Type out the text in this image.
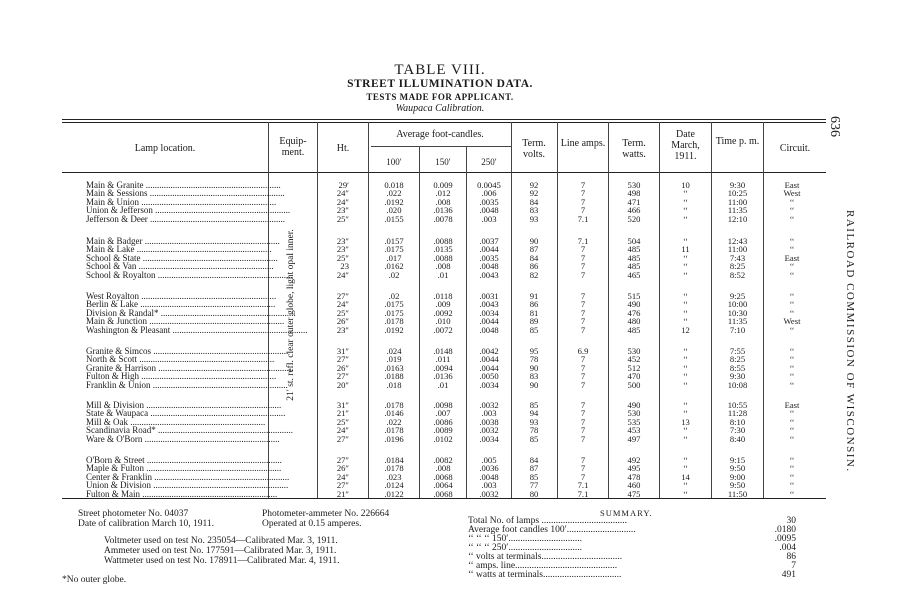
TABLE VIII.
STREET ILLUMINATION DATA.
TESTS MADE FOR APPLICANT.
Waupaca Calibration.
636
RAILROAD COMMISSION OF WISCONSIN.
Lamp location.
Equip-ment.	Ht.
Average foot-candles.
100′	150′	250′
Term. volts.
Line amps.	Term. watts.
Date March, 1911.
Time p. m.
Circuit.
21′ st. refl. clear outer globe, light opal inner.
Main & Granite ............................................................	29′	0.018	0.009	0.0045	92	7	530	10	9:30	East
Main & Sessions ............................................................	24″	.022	.012	.006	92	7	498	‘‘	10:25	West
Main & Union ............................................................	24″	.0192	.008	.0035	84	7	471	‘‘	11:00	‘‘
Union & Jefferson ............................................................	23″	.020	.0136	.0048	83	7	466	‘‘	11:35	‘‘
Jefferson & Deer ............................................................	25″	.0155	.0078	.003	93	7.1	520	‘‘	12:10	‘‘
Main & Badger ............................................................	23″	.0157	.0088	.0037	90	7.1	504	‘‘	12:43	‘‘
Main & Lake ............................................................	23″	.0175	.0135	.0044	87	7	485	11	11:00	‘‘
School & State ............................................................	25″	.017	.0088	.0035	84	7	485	‘‘	7:43	East
School & Van ............................................................	23	.0162	.008	.0048	86	7	485	‘‘	8:25	‘‘
School & Royalton ............................................................	24″	.02	.01	.0043	82	7	465	‘‘	8:52	‘‘
West Royalton ............................................................	27″	.02	.0118	.0031	91	7	515	‘‘	9:25	‘‘
Berlin & Lake ............................................................	24″	.0175	.009	.0043	86	7	490	‘‘	10:00	‘‘
Division & Randal* ............................................................	25″	.0175	.0092	.0034	81	7	476	‘‘	10:30	‘‘
Main & Junction ............................................................	26″	.0178	.010	.0044	89	7	480	‘‘	11:35	West
Washington & Pleasant ............................................................	23″	.0192	.0072	.0048	85	7	485	12	7:10	‘‘
Granite & Simcos ............................................................	31″	.024	.0148	.0042	95	6.9	530	‘‘	7:55	‘‘
North & Scott ............................................................	27″	.019	.011	.0044	78	7	452	‘‘	8:25	‘‘
Granite & Harrison ............................................................	26″	.0163	.0094	.0044	90	7	512	‘‘	8:55	‘‘
Fulton & High ............................................................	27″	.0188	.0136	.0050	83	7	470	‘‘	9:30	‘‘
Franklin & Union ............................................................	20″	.018	.01	.0034	90	7	500	‘‘	10:08	‘‘
Mill & Division ............................................................	31″	.0178	.0098	.0032	85	7	490	‘‘	10:55	East
State & Waupaca ............................................................	21″	.0146	.007	.003	94	7	530	‘‘	11:28	‘‘
Mill & Oak ............................................................	25″	.022	.0086	.0038	93	7	535	13	8:10	‘‘
Scandinavia Road* ............................................................	24″	.0178	.0089	.0032	78	7	453	‘‘	7:30	‘‘
Ware & O'Born ............................................................	27″	.0196	.0102	.0034	85	7	497	‘‘	8:40	‘‘
O'Born & Street ............................................................	27″	.0184	.0082	.005	84	7	492	‘‘	9:15	‘‘
Maple & Fulton ............................................................	26″	.0178	.008	.0036	87	7	495	‘‘	9:50	‘‘
Center & Franklin ............................................................	24″	.023	.0068	.0048	85	7	478	14	9:00	‘‘
Union & Division ............................................................	27″	.0124	.0064	.003	77	7.1	460	‘‘	9:50	‘‘
Fulton & Main ............................................................	21″	.0122	.0068	.0032	80	7.1	475	‘‘	11:50	‘‘
Street photometer No. 04037
Date of calibration March 10, 1911.
Photometer-ammeter No. 226664
Operated at 0.15 amperes.
Voltmeter used on test No. 235054—Calibrated Mar. 3, 1911.
Ammeter used on test No. 177591—Calibrated Mar. 3, 1911.
Wattmeter used on test No. 178911—Calibrated Mar. 4, 1911.
*No outer globe.
SUMMARY.
Total No. of lamps ....................................	30
Average foot candles 100′.............................	.0180
‘‘ ‘‘ ‘‘ 150′...............................	.0095
‘‘ ‘‘ ‘‘ 250′...............................	.004
‘‘ volts at terminals..................................	86
‘‘ amps. line...........................................	7
‘‘ watts at terminals.................................	491
